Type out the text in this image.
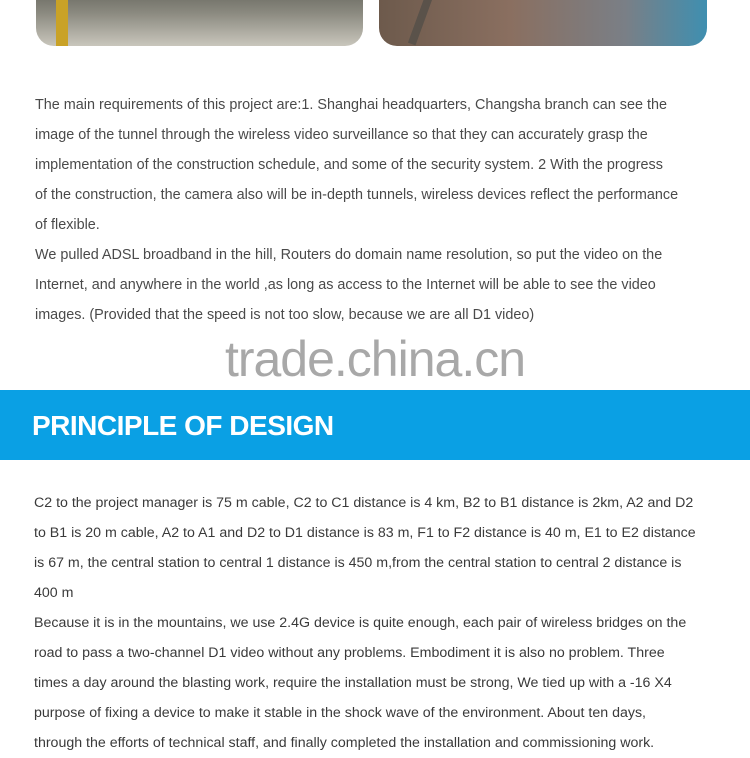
The main requirements of this project are:1. Shanghai headquarters, Changsha branch can see the
image of the tunnel through the wireless video surveillance so that they can accurately grasp the
implementation of the construction schedule, and some of the security system. 2 With the progress
of the construction, the camera also will be in-depth tunnels, wireless devices reflect the performance
of flexible.
We pulled ADSL broadband in the hill, Routers do domain name resolution, so put the video on the
Internet, and anywhere in the world ,as long as access to the Internet will be able to see the video
images. (Provided that the speed is not too slow, because we are all D1 video)
trade.china.cn
PRINCIPLE OF DESIGN
C2 to the project manager is 75 m cable, C2 to C1 distance is 4 km, B2 to B1 distance is 2km, A2 and D2
to B1 is 20 m cable, A2 to A1 and D2 to D1 distance is 83 m, F1 to F2 distance is 40 m, E1 to E2 distance
is 67 m, the central station to central 1 distance is 450 m,from the central station to central 2 distance is
400 m
Because it is in the mountains, we use 2.4G device is quite enough, each pair of wireless bridges on the
road to pass a two-channel D1 video without any problems. Embodiment it is also no problem. Three
times a day around the blasting work, require the installation must be strong, We tied up with a -16 X4
purpose of fixing a device to make it stable in the shock wave of the environment. About ten days,
through the efforts of technical staff, and finally completed the installation and commissioning work.
